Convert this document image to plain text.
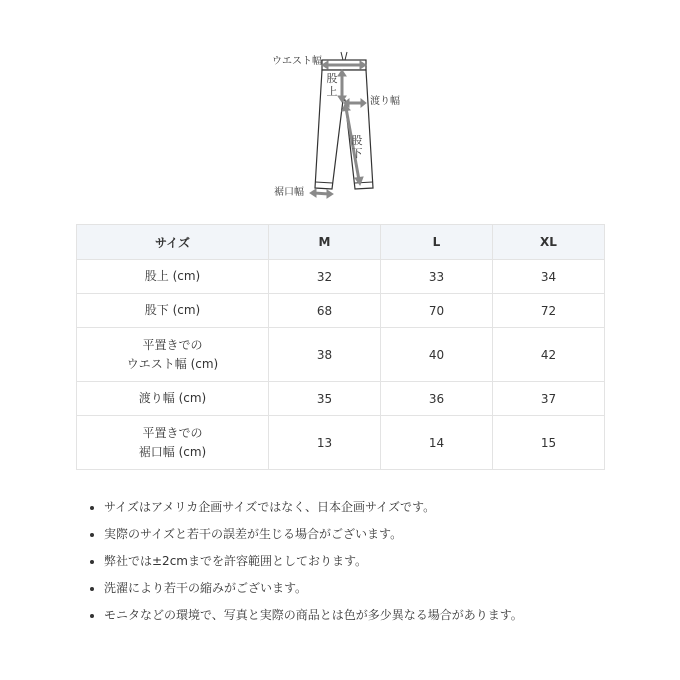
ウエスト幅
股上
渡り幅
股下
裾口幅
サイズ	M	L	XL

股上 (cm)	32	33	34

股下 (cm)	68	70	72

平置きでの
ウエスト幅 (cm)	38	40	42

渡り幅 (cm)	35	36	37

平置きでの
裾口幅 (cm)	13	14	15
• サイズはアメリカ企画サイズではなく、日本企画サイズです。
• 実際のサイズと若干の誤差が生じる場合がございます。
• 弊社では±2cmまでを許容範囲としております。
• 洗濯により若干の縮みがございます。
• モニタなどの環境で、写真と実際の商品とは色が多少異なる場合があります。
